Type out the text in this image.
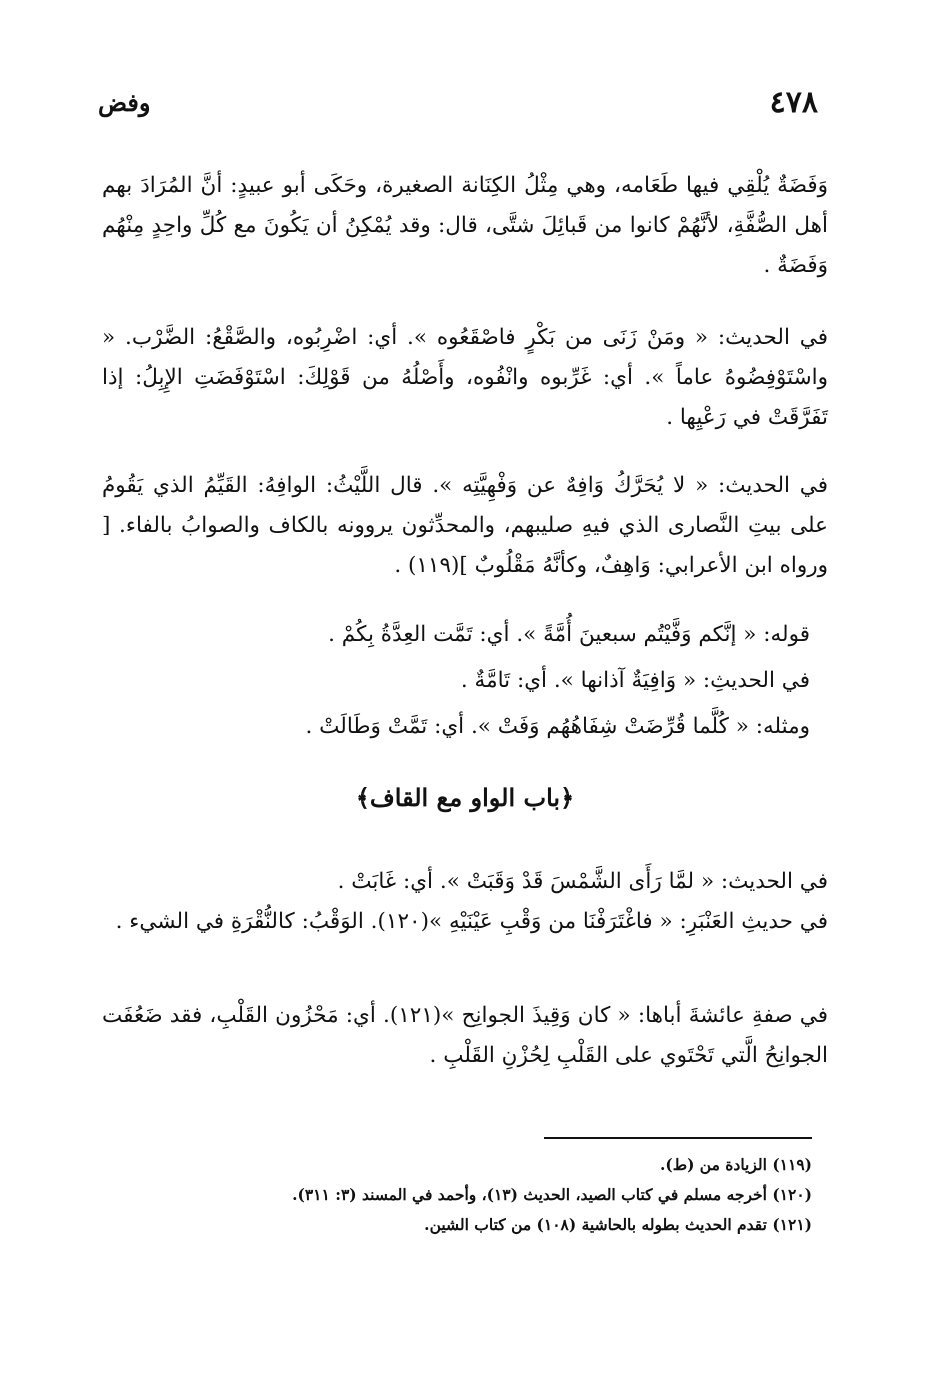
٤٧٨
وفض

وَفَضَةٌ يُلْقِي فيها طَعَامه، وهي مِثْلُ الكِنَانة الصغيرة، وحَكَى أبو عبيدٍ: أنَّ المُرَادَ بهم أهل الصُّفَّةِ، لأنَّهُمْ كانوا من قَبائِلَ شتَّى، قال: وقد يُمْكِنُ أن يَكُونَ مع كُلِّ واحِدٍ مِنْهُم وَفَضَةٌ .

في الحديث: « ومَنْ زَنَى من بَكْرٍ فاصْقَعُوه ». أي: اضْرِبُوه، والصَّقْعُ: الضَّرْب. « واسْتَوْفِضُوهُ عاماً ». أي: غَرِّبوه وانْفُوه، وأَصْلُهُ من قَوْلِكَ: اسْتَوْفَضَتِ الإِبِلُ: إذا تَفَرَّقَتْ في رَعْيِها .

في الحديث: « لا يُحَرَّكُ وَافِهٌ عن وَفْهِيَّتِه ». قال اللَّيْثُ: الوافِهُ: القَيِّمُ الذي يَقُومُ على بيتِ النَّصارى الذي فيهِ صليبهم، والمحدِّثون يروونه بالكاف والصوابُ بالفاء. [ ورواه ابن الأعرابي: وَاهِفٌ، وكأنَّهُ مَقْلُوبٌ ](١١٩) .

قوله: « إنَّكم وَفَّيْتُم سبعينَ أُمَّةً ». أي: تَمَّت العِدَّةُ بِكُمْ .
في الحديثِ: « وَافِيَةٌ آذانها ». أي: تَامَّةٌ .
ومثله: « كُلَّما قُرِّضَتْ شِفَاهُهُم وَفَتْ ». أي: تَمَّتْ وَطَالَتْ .
﴿باب الواو مع القاف﴾

في الحديث: « لمَّا رَأَى الشَّمْسَ قَدْ وَقَبَتْ ». أي: غَابَتْ .

في حديثِ العَنْبَرِ: « فاغْتَرَفْنَا من وَقْبِ عَيْنَيْهِ »(١٢٠). الوَقْبُ: كالنُّقْرَةِ في الشيء .

في صفةِ عائشةَ أباها: « كان وَقِيذَ الجوانِح »(١٢١). أي: مَحْزُون القَلْبِ، فقد ضَعُفَت الجوانِحُ الَّتي تَحْتَوي على القَلْبِ لِحُزْنِ القَلْبِ .

(١١٩) الزيادة من (ط).
(١٢٠) أخرجه مسلم في كتاب الصيد، الحديث (١٣)، وأحمد في المسند (٣: ٣١١).
(١٢١) تقدم الحديث بطوله بالحاشية (١٠٨) من كتاب الشين.
